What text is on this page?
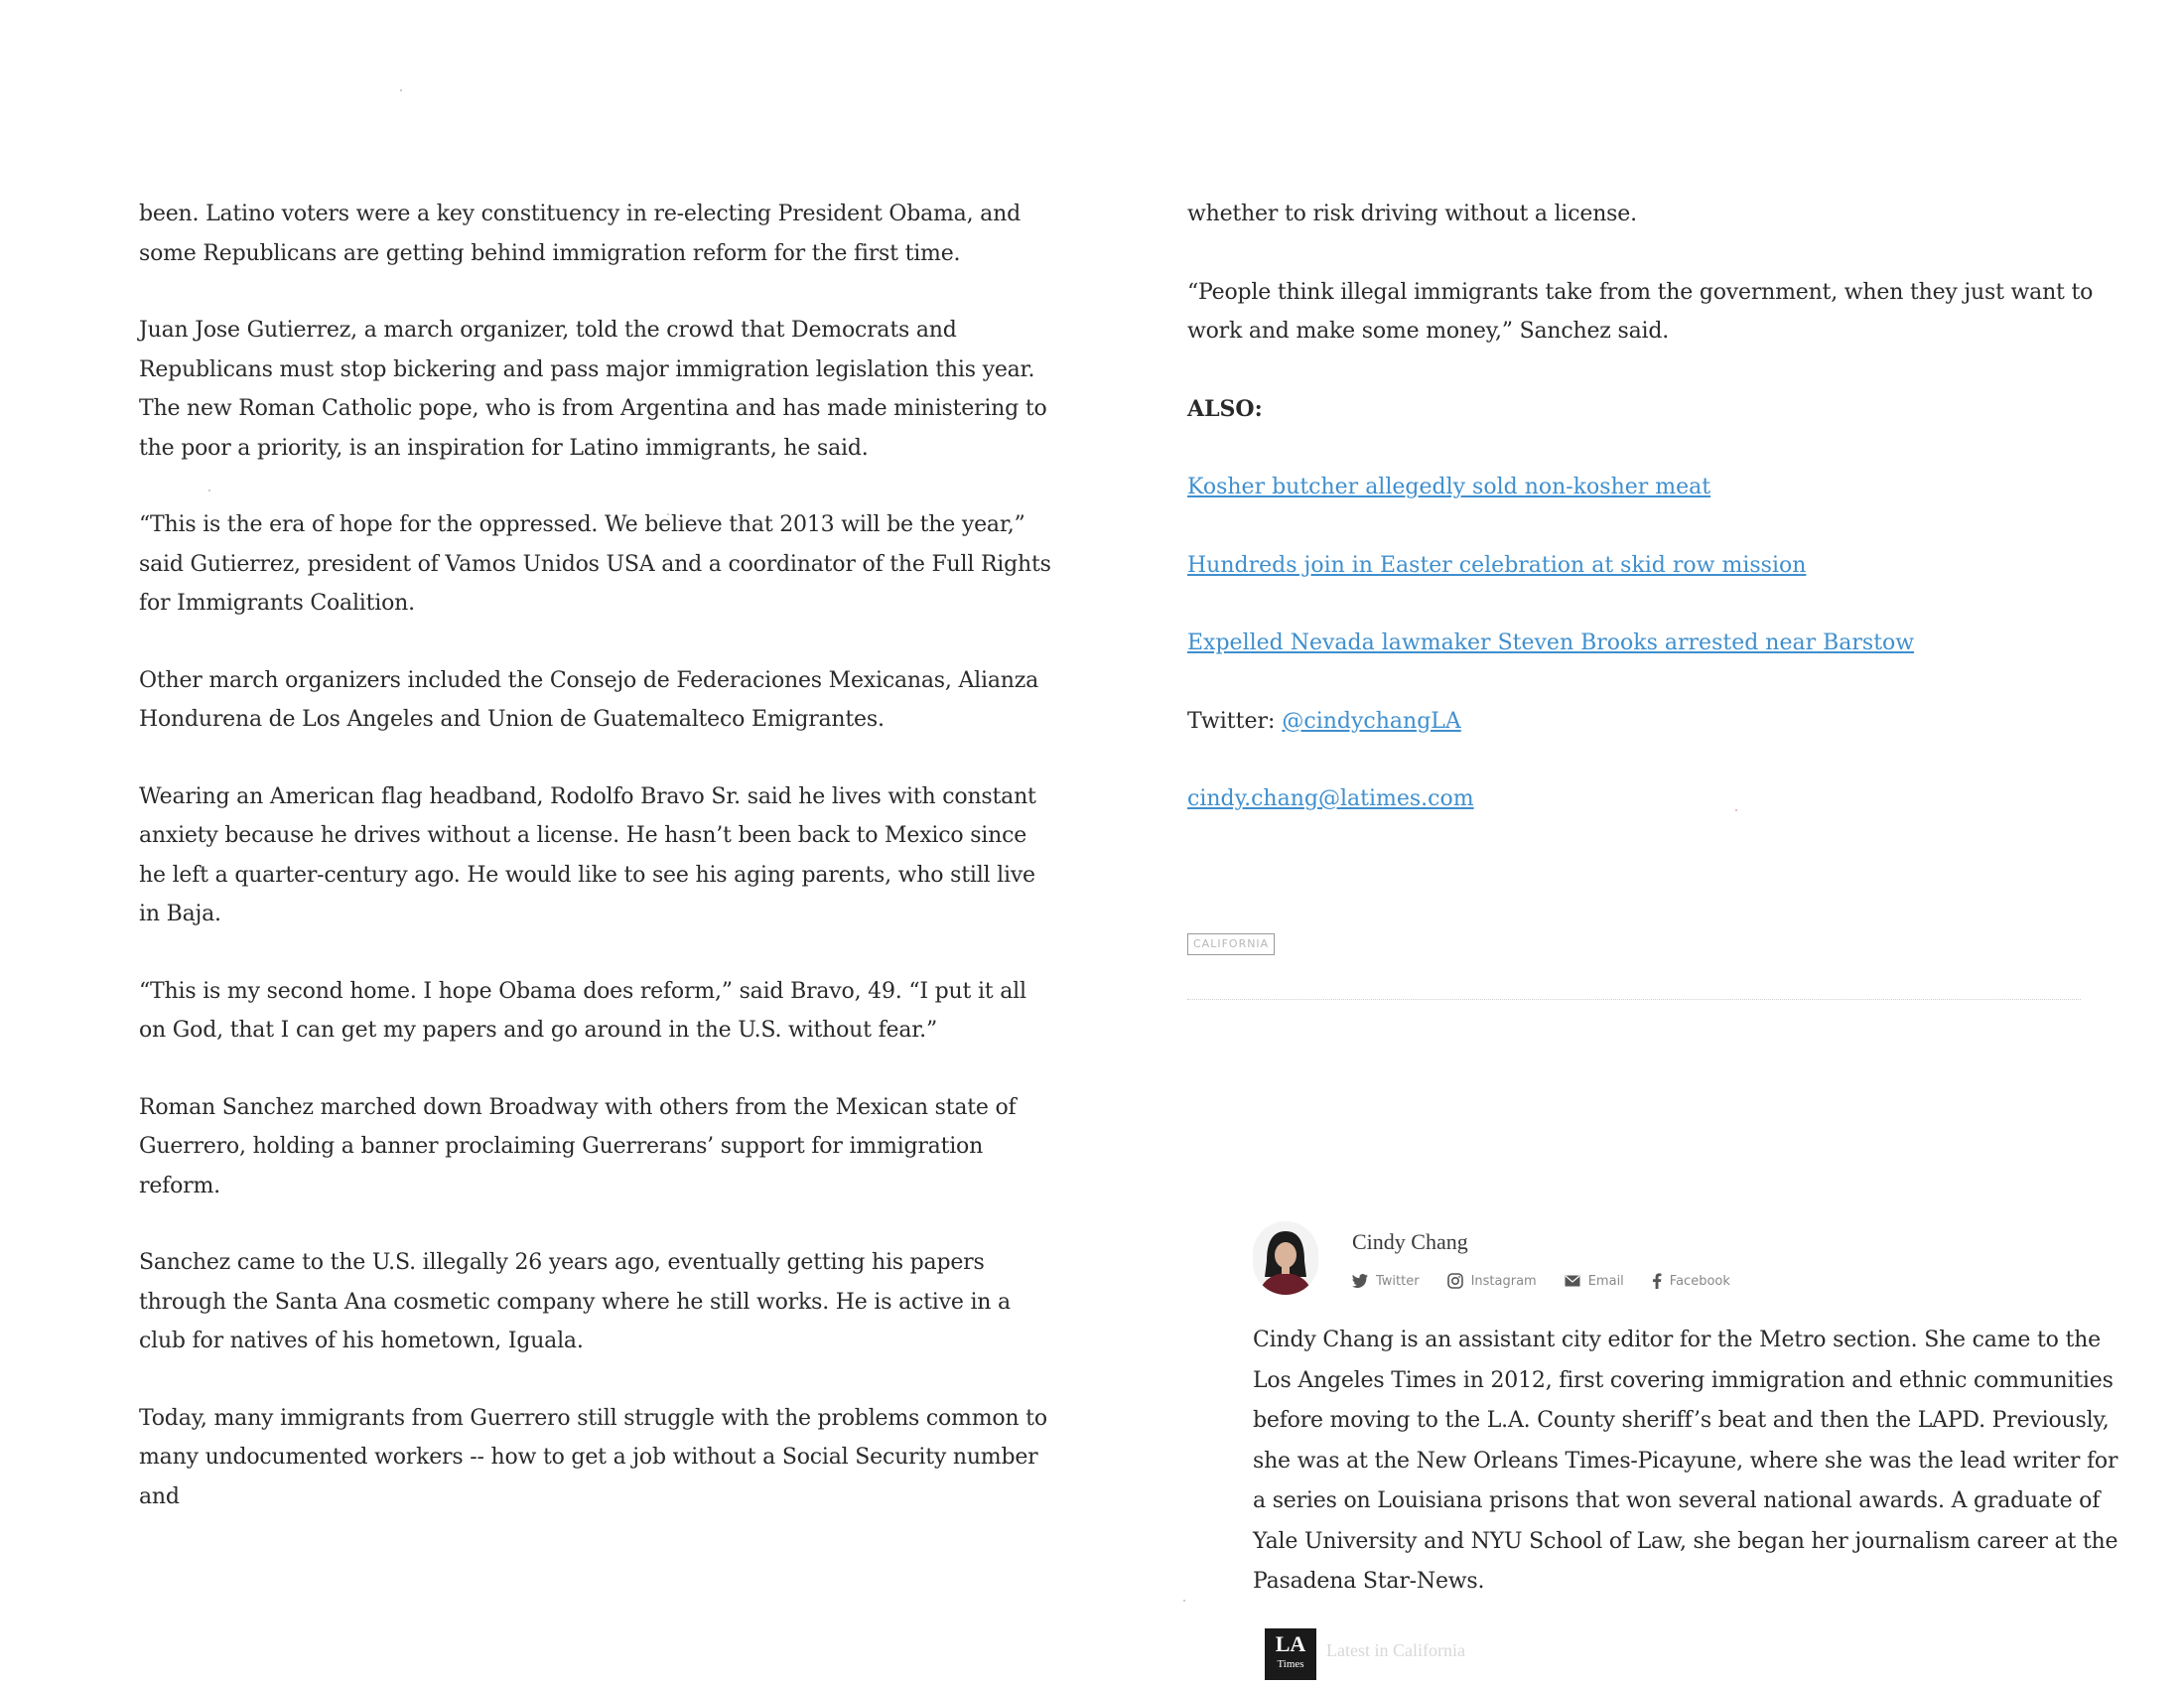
been. Latino voters were a key constituency in re-electing President Obama, and some Republicans are getting behind immigration reform for the first time.

Juan Jose Gutierrez, a march organizer, told the crowd that Democrats and Republicans must stop bickering and pass major immigration legislation this year. The new Roman Catholic pope, who is from Argentina and has made ministering to the poor a priority, is an inspiration for Latino immigrants, he said.

“This is the era of hope for the oppressed. We believe that 2013 will be the year,” said Gutierrez, president of Vamos Unidos USA and a coordinator of the Full Rights for Immigrants Coalition.

Other march organizers included the Consejo de Federaciones Mexicanas, Alianza Hondurena de Los Angeles and Union de Guatemalteco Emigrantes.

Wearing an American flag headband, Rodolfo Bravo Sr. said he lives with constant anxiety because he drives without a license. He hasn’t been back to Mexico since he left a quarter-century ago. He would like to see his aging parents, who still live in Baja.

“This is my second home. I hope Obama does reform,” said Bravo, 49. “I put it all on God, that I can get my papers and go around in the U.S. without fear.”

Roman Sanchez marched down Broadway with others from the Mexican state of Guerrero, holding a banner proclaiming Guerrerans’ support for immigration reform.

Sanchez came to the U.S. illegally 26 years ago, eventually getting his papers through the Santa Ana cosmetic company where he still works. He is active in a club for natives of his hometown, Iguala.

Today, many immigrants from Guerrero still struggle with the problems common to many undocumented workers -- how to get a job without a Social Security number and

whether to risk driving without a license.

“People think illegal immigrants take from the government, when they just want to work and make some money,” Sanchez said.

ALSO:
Kosher butcher allegedly sold non-kosher meat
Hundreds join in Easter celebration at skid row mission
Expelled Nevada lawmaker Steven Brooks arrested near Barstow
Twitter: @cindychangLA
cindy.chang@latimes.com
CALIFORNIA
Cindy Chang
Twitter	Instagram	Email	Facebook

Cindy Chang is an assistant city editor for the Metro section. She came to the Los Angeles Times in 2012, first covering immigration and ethnic communities before moving to the L.A. County sheriff’s beat and then the LAPD. Previously, she was at the New Orleans Times-Picayune, where she was the lead writer for a series on Louisiana prisons that won several national awards. A graduate of Yale University and NYU School of Law, she began her journalism career at the Pasadena Star-News.

LA
Times
Latest in California
